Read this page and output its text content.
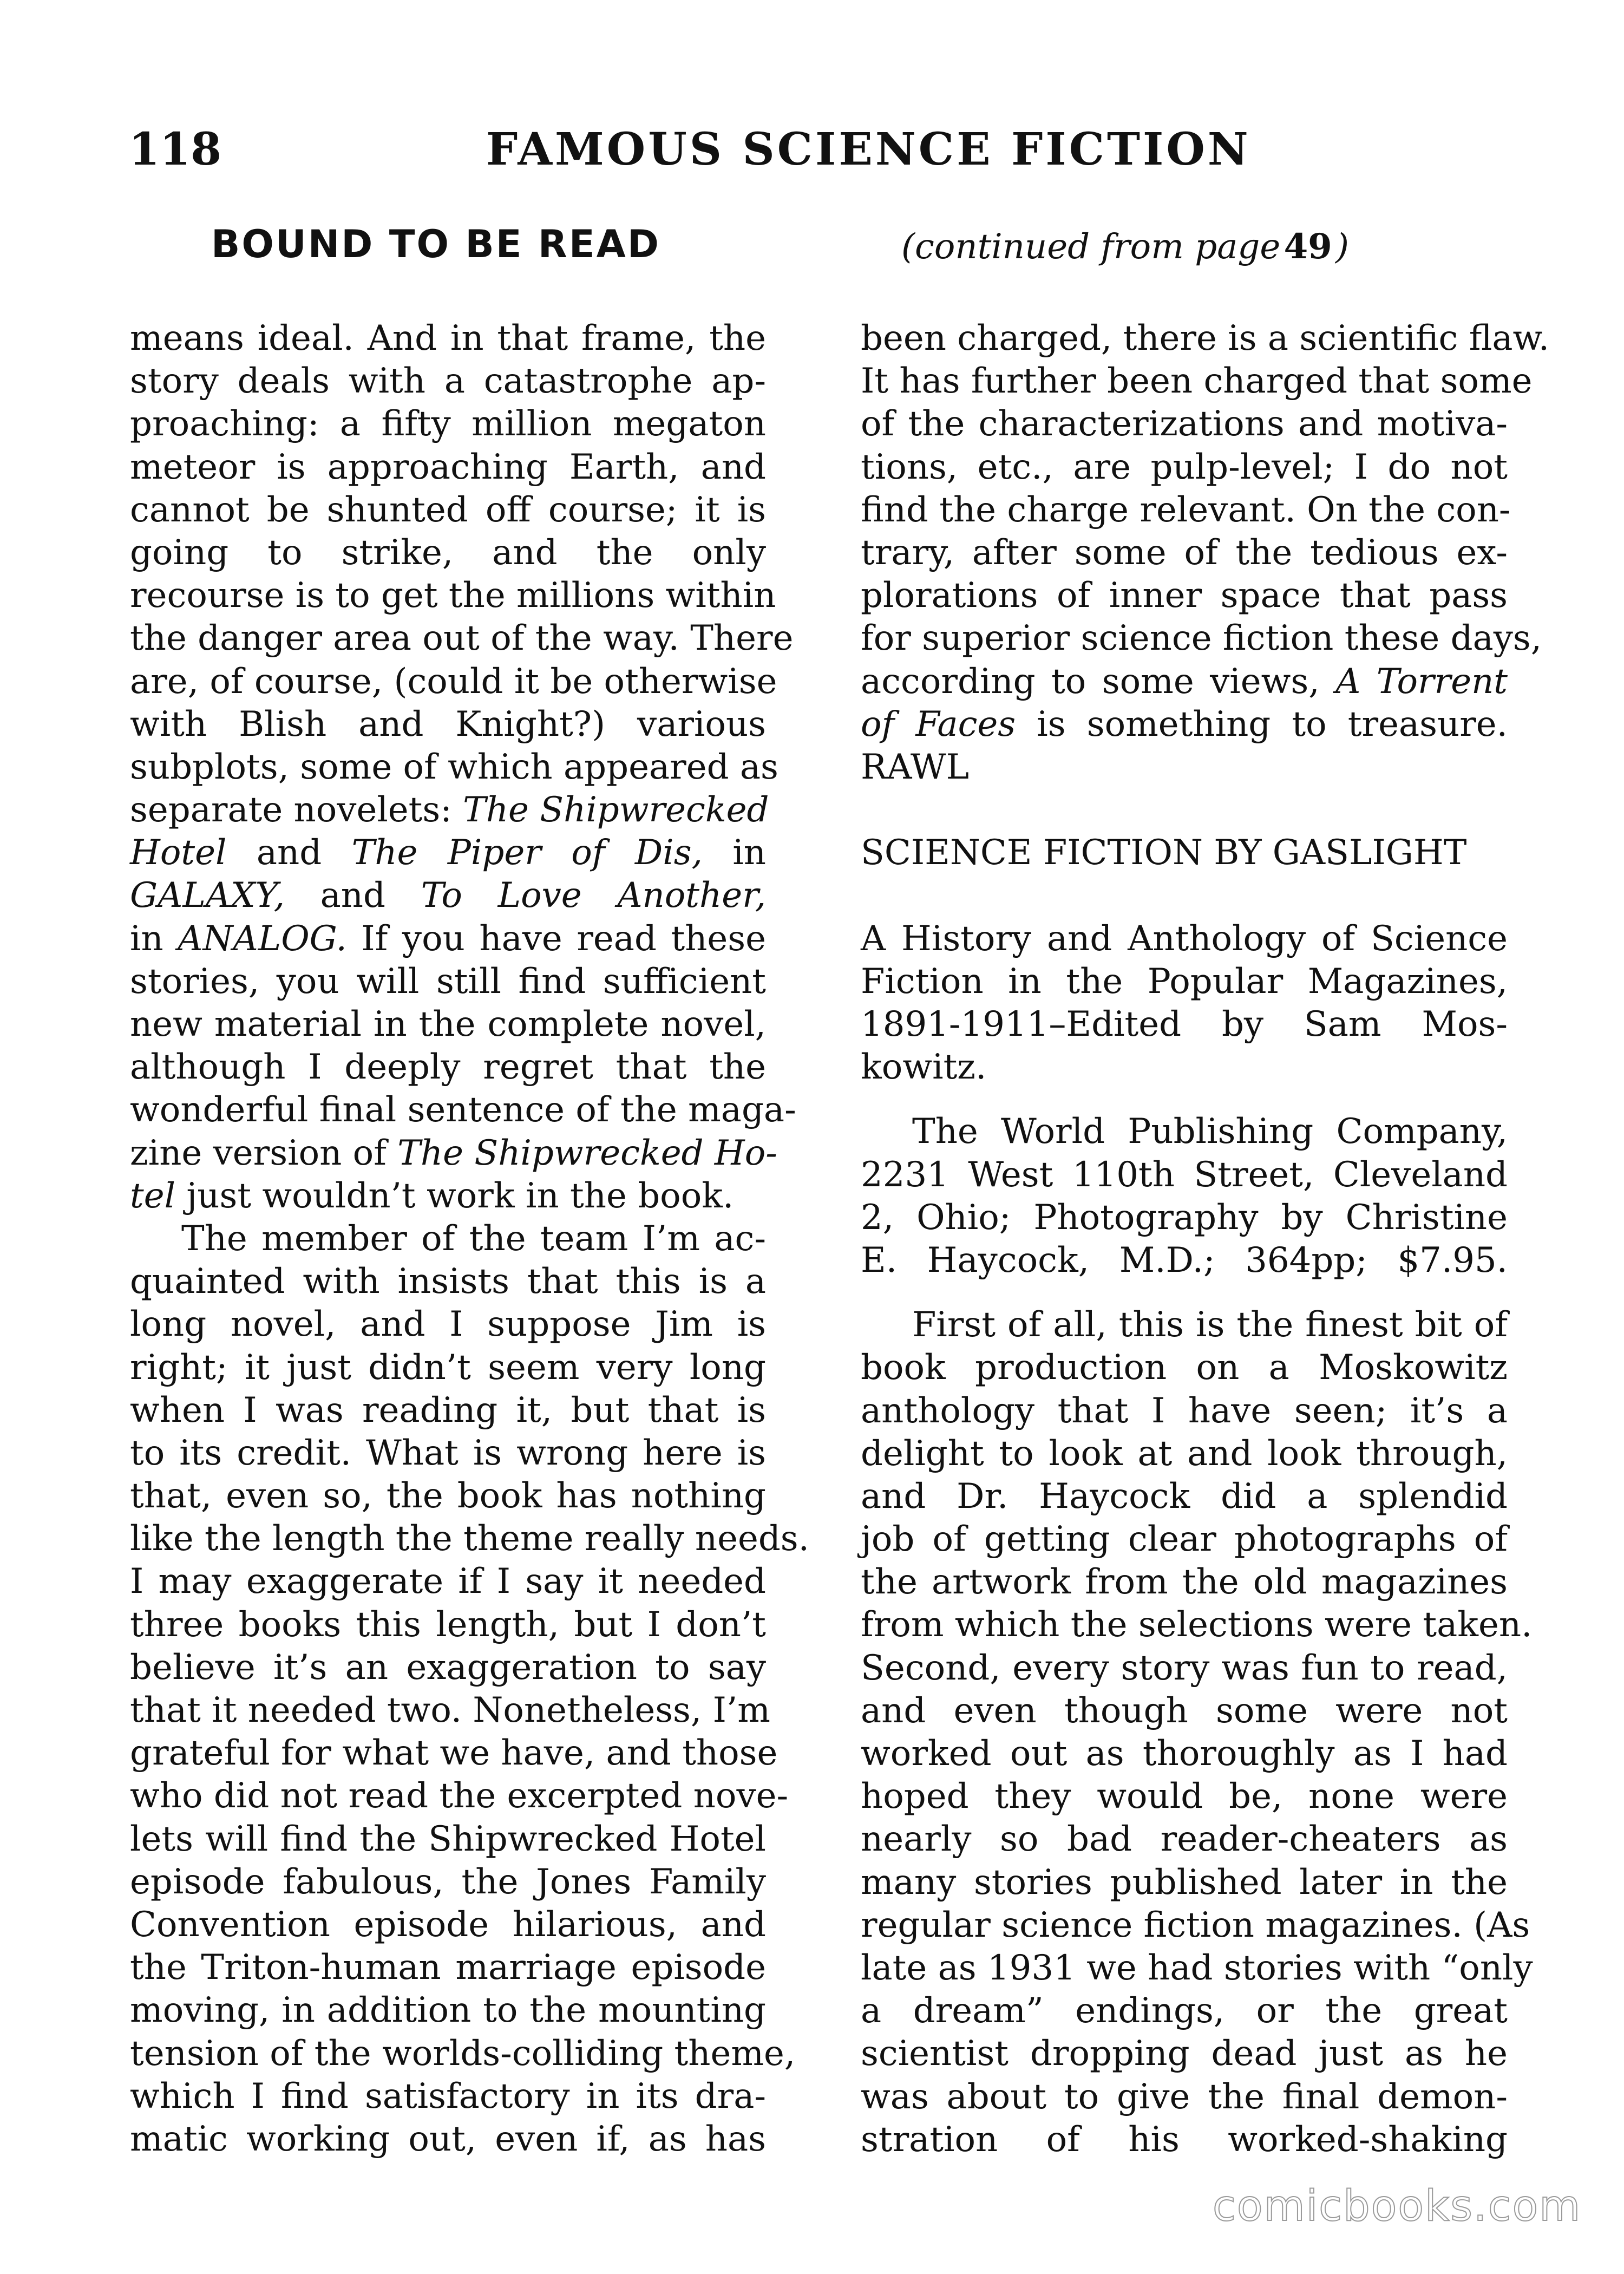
118	FAMOUS SCIENCE FICTION
BOUND TO BE READ	(continued from page 49 )
means ideal. And in that frame, the
story deals with a catastrophe ap-
proaching: a fifty million megaton
meteor is approaching Earth, and
cannot be shunted off course; it is
going to strike, and the only
recourse is to get the millions within
the danger area out of the way. There
are, of course, (could it be otherwise
with Blish and Knight?) various
subplots, some of which appeared as
separate novelets: The Shipwrecked
Hotel and The Piper of Dis, in
GALAXY, and To Love Another,
in ANALOG. If you have read these
stories, you will still find sufficient
new material in the complete novel,
although I deeply regret that the
wonderful final sentence of the maga-
zine version of The Shipwrecked Ho-
tel just wouldn’t work in the book.
The member of the team I’m ac-
quainted with insists that this is a
long novel, and I suppose Jim is
right; it just didn’t seem very long
when I was reading it, but that is
to its credit. What is wrong here is
that, even so, the book has nothing
like the length the theme really needs.
I may exaggerate if I say it needed
three books this length, but I don’t
believe it’s an exaggeration to say
that it needed two. Nonetheless, I’m
grateful for what we have, and those
who did not read the excerpted nove-
lets will find the Shipwrecked Hotel
episode fabulous, the Jones Family
Convention episode hilarious, and
the Triton-human marriage episode
moving, in addition to the mounting
tension of the worlds-colliding theme,
which I find satisfactory in its dra-
matic working out, even if, as has
been charged, there is a scientific flaw.
It has further been charged that some
of the characterizations and motiva-
tions, etc., are pulp-level; I do not
find the charge relevant. On the con-
trary, after some of the tedious ex-
plorations of inner space that pass
for superior science fiction these days,
according to some views, A Torrent
of Faces is something to treasure.
RAWL
SCIENCE FICTION BY GASLIGHT
A History and Anthology of Science
Fiction in the Popular Magazines,
1891-1911–Edited by Sam Mos-
kowitz.
The World Publishing Company,
2231 West 110th Street, Cleveland
2, Ohio; Photography by Christine
E. Haycock, M.D.; 364pp; $7.95.
First of all, this is the finest bit of
book production on a Moskowitz
anthology that I have seen; it’s a
delight to look at and look through,
and Dr. Haycock did a splendid
job of getting clear photographs of
the artwork from the old magazines
from which the selections were taken.
Second, every story was fun to read,
and even though some were not
worked out as thoroughly as I had
hoped they would be, none were
nearly so bad reader-cheaters as
many stories published later in the
regular science fiction magazines. (As
late as 1931 we had stories with “only
a dream” endings, or the great
scientist dropping dead just as he
was about to give the final demon-
stration of his worked-shaking
comicbooks.com
